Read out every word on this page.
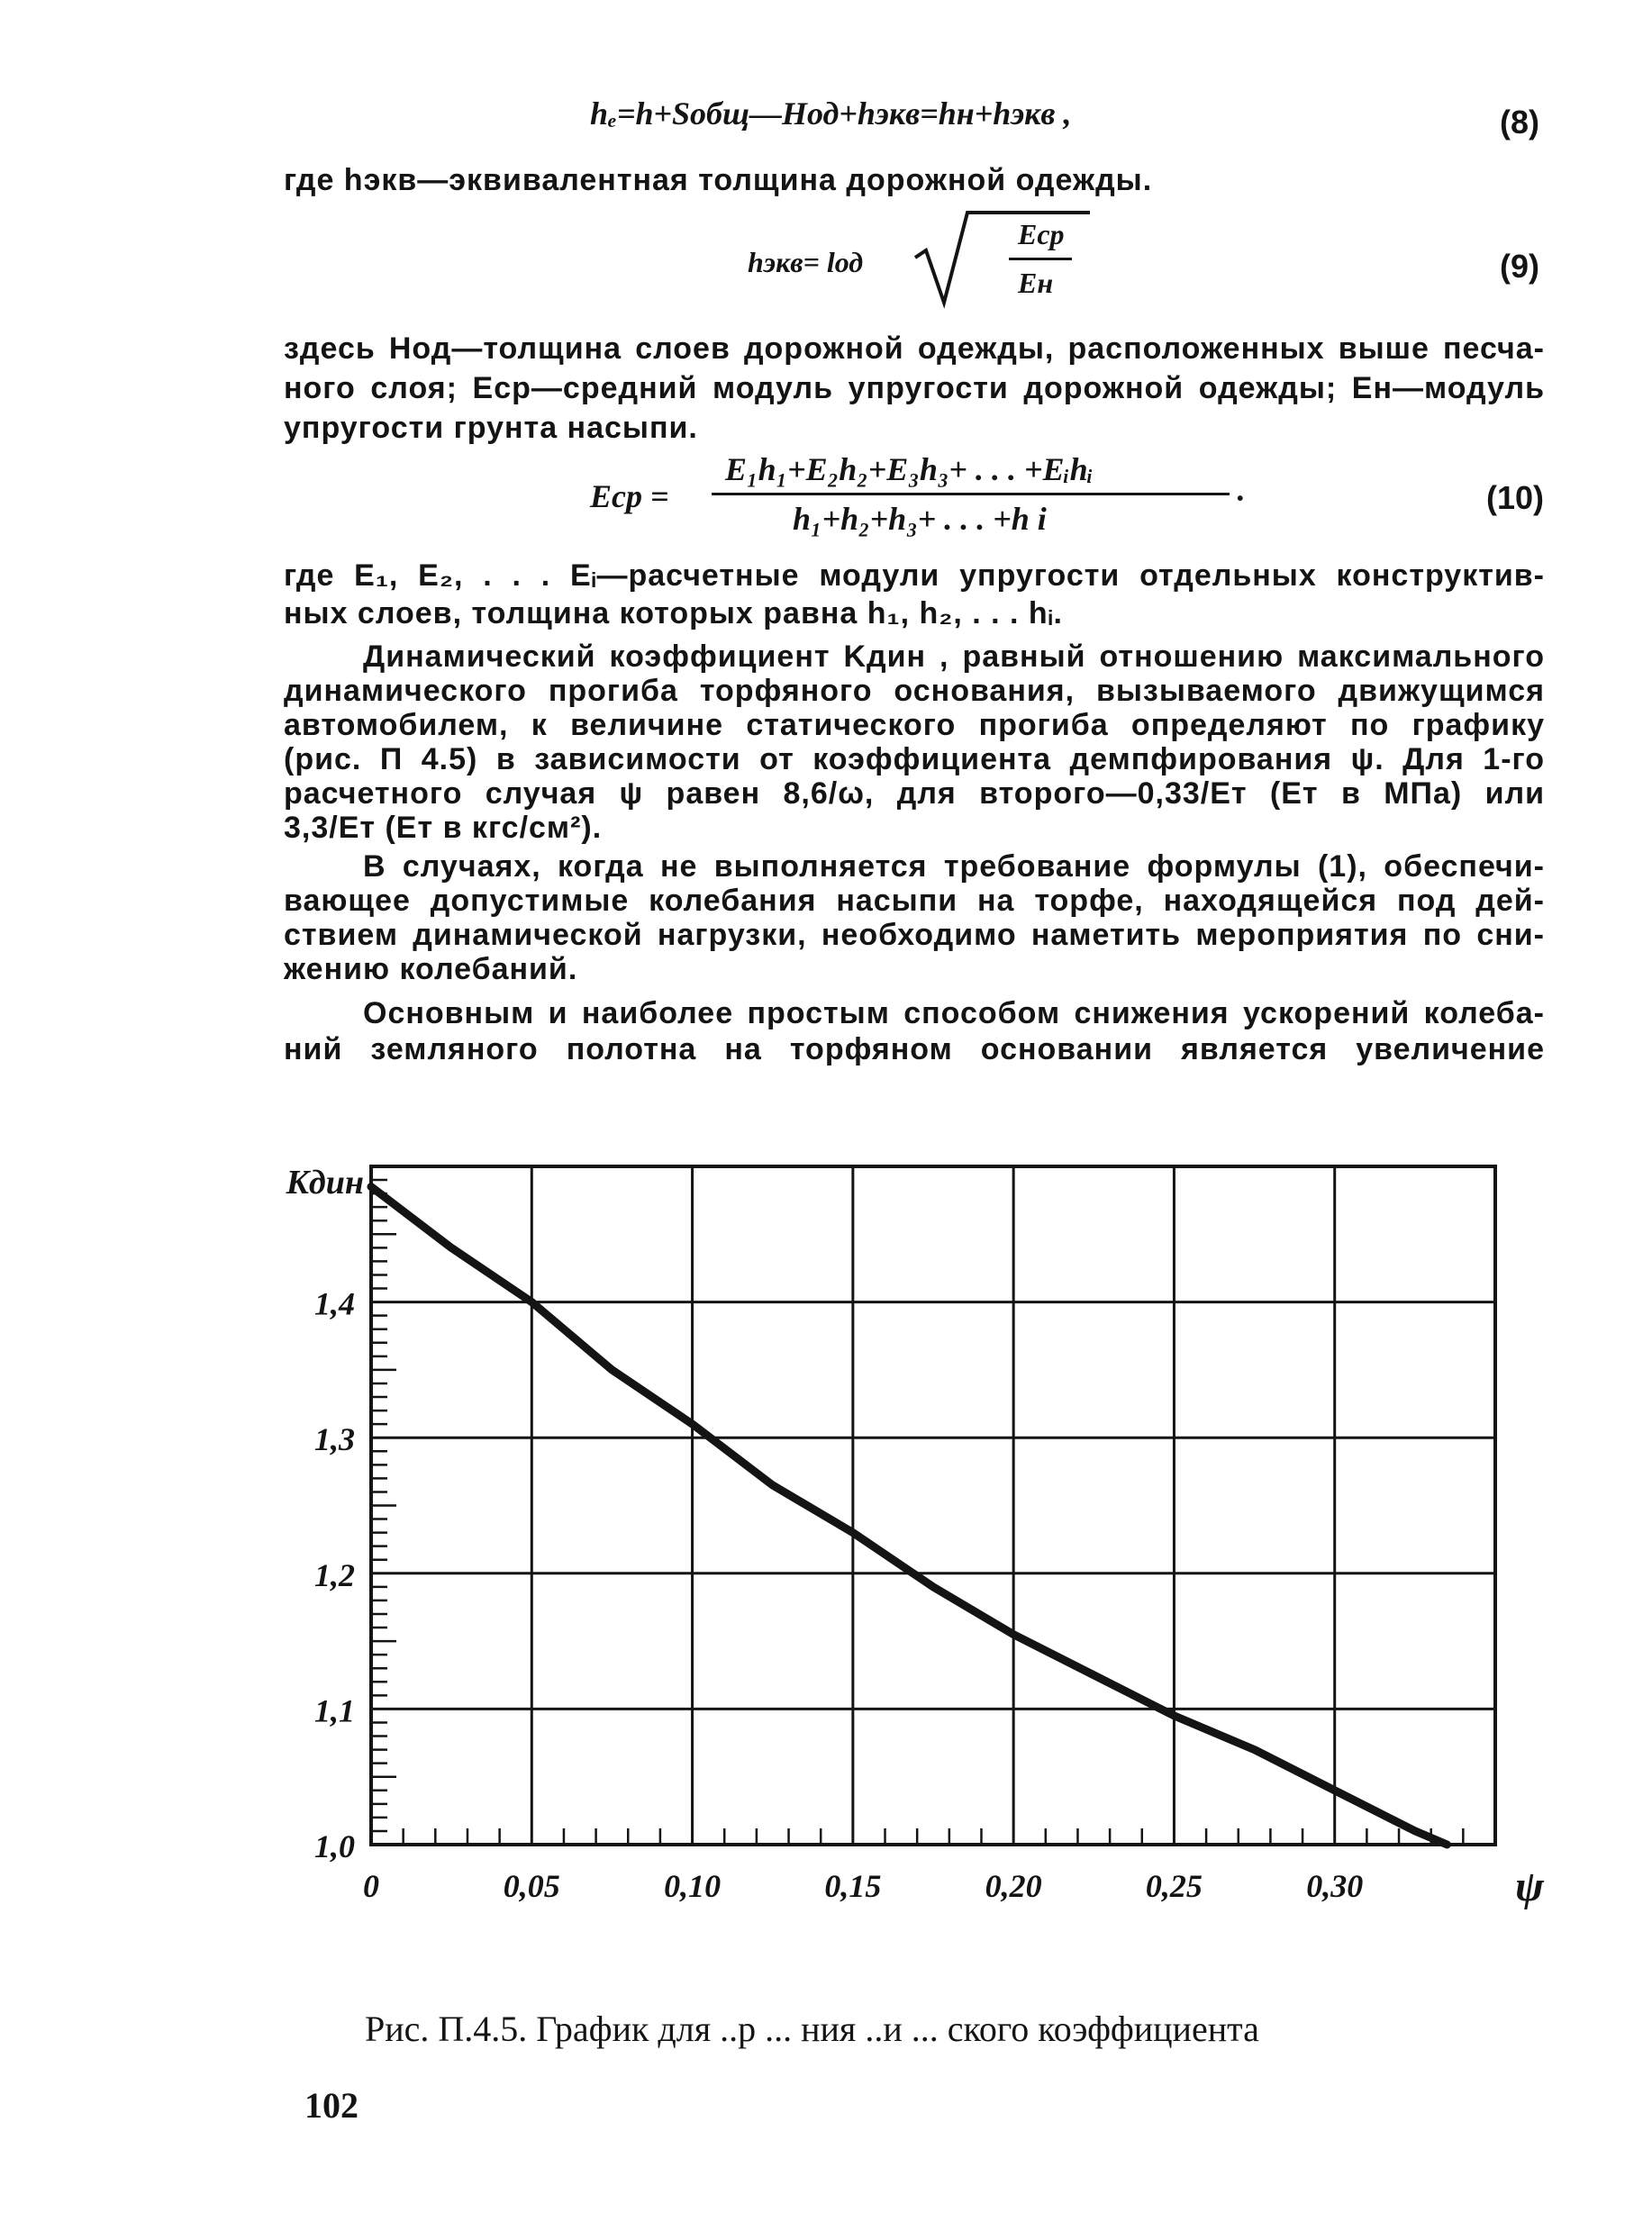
hₑ=h+Sобщ—Hод+hэкв=hн+hэкв ,	(8)
где hэкв—эквивалентная толщина дорожной одежды.
hэкв= lод
Eср
Eн	(9)
здесь Hод—толщина слоев дорожной одежды, расположенных выше песча-
ного слоя; Eср—средний модуль упругости дорожной одежды; Eн—модуль
упругости грунта насыпи.
Eср =
E₁h₁+E₂h₂+E₃h₃+ . . . +Eᵢhᵢ
h₁+h₂+h₃+ . . . +h i
·	(10)
где E₁, E₂, . . . Eᵢ—расчетные модули упругости отдельных конструктив-
ных слоев, толщина которых равна h₁, h₂, . . . hᵢ.
Динамический коэффициент Kдин , равный отношению максимального
динамического прогиба торфяного основания, вызываемого движущимся
автомобилем, к величине статического прогиба определяют по графику
(рис. П 4.5) в зависимости от коэффициента демпфирования ψ. Для 1-го
расчетного случая ψ равен 8,6/ω, для второго—0,33/Eт (Eт в МПа) или
3,3/Eт (Eт в кгс/см²).
В случаях, когда не выполняется требование формулы (1), обеспечи-
вающее допустимые колебания насыпи на торфе, находящейся под дей-
ствием динамической нагрузки, необходимо наметить мероприятия по сни-
жению колебаний.
Основным и наиболее простым способом снижения ускорений колеба-
ний земляного полотна на торфяном основании является увеличение
0	0,05	0,10	0,15	0,20	0,25	0,30
1,0
1,1
1,2
1,3
1,4
Kдин
ψ
Рис. П.4.5. График для ..р ... ния ..и ... ского коэффициента
102
